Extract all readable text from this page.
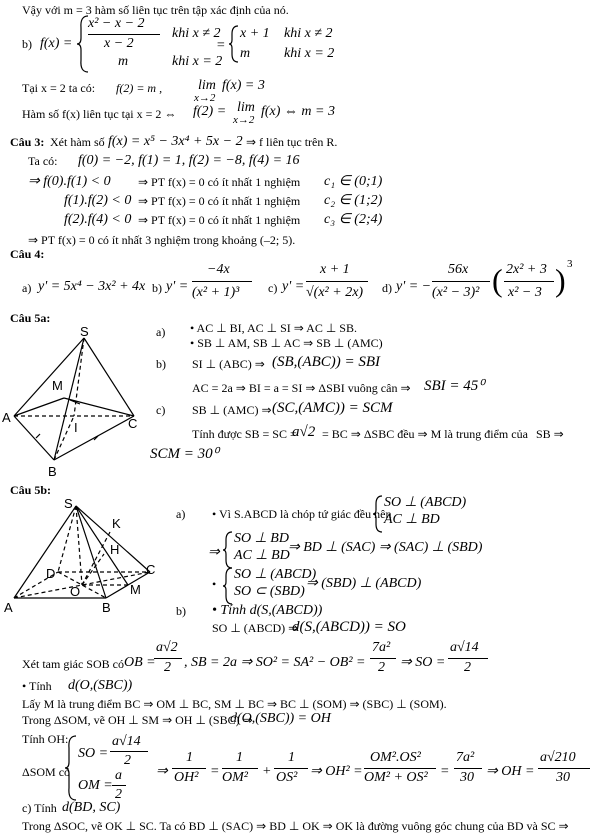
Vậy với m = 3 hàm số liên tục trên tập xác định của nó.
b) f(x) =
x² − x − 2
x − 2
khi x ≠ 2
m	khi x = 2
=
x + 1 khi x ≠ 2
m khi x = 2
Tại x = 2 ta có: f(2) = m ,	lim
x→2
f(x) = 3
Hàm số f(x) liên tục tại x = 2 ⇔ f(2) = lim
x→2
f(x) ⇔ m = 3
Câu 3: Xét hàm số f(x) = x⁵ − 3x⁴ + 5x − 2 ⇒ f liên tục trên R.
Ta có: f(0) = −2, f(1) = 1, f(2) = −8, f(4) = 16
⇒ f(0).f(1) < 0 ⇒ PT f(x) = 0 có ít nhất 1 nghiệm c₁ ∈ (0;1)
f(1).f(2) < 0 ⇒ PT f(x) = 0 có ít nhất 1 nghiệm c₂ ∈ (1;2)
f(2).f(4) < 0 ⇒ PT f(x) = 0 có ít nhất 1 nghiệm c₃ ∈ (2;4)
⇒ PT f(x) = 0 có ít nhất 3 nghiệm trong khoảng (–2; 5).
Câu 4:
a) y' = 5x⁴ − 3x² + 4x b) y' =
−4x
(x² + 1)³ c) y' =
x + 1
√(x² + 2x) d) y' = −
56x
(x² − 3)² ( 2x² + 3
x² − 3 ) 3
Câu 5a:
S
M
A
I	C
B
a) • AC ⊥ BI, AC ⊥ SI ⇒ AC ⊥ SB.
• SB ⊥ AM, SB ⊥ AC ⇒ SB ⊥ (AMC)
b) SI ⊥ (ABC) ⇒ (SB,(ABC)) = SBI
AC = 2a ⇒ BI = a = SI ⇒ ΔSBI vuông cân ⇒ SBI = 45⁰
c) SB ⊥ (AMC) ⇒ (SC,(AMC)) = SCM
Tính được SB = SC =
a√2 = BC ⇒ ΔSBC đều ⇒ M là trung điểm của SB ⇒
SCM = 30⁰
Câu 5b:
S
K
H
D	C
O	M
A	B
a) • Vì S.ABCD là chóp tứ giác đều nên
SO ⊥ (ABCD)
AC ⊥ BD
⇒
SO ⊥ BD
AC ⊥ BD
⇒ BD ⊥ (SAC) ⇒ (SAC) ⊥ (SBD)
•
SO ⊥ (ABCD)
SO ⊂ (SBD)
⇒ (SBD) ⊥ (ABCD)
b) • Tính d(S,(ABCD))
SO ⊥ (ABCD) ⇒
d(S,(ABCD)) = SO
Xét tam giác SOB có OB =
a√2
2 , SB = 2a ⇒ SO² = SA² − OB² =
7a²
2 ⇒ SO =
a√14
2
• Tính d(O,(SBC))
Lấy M là trung điểm BC ⇒ OM ⊥ BC, SM ⊥ BC ⇒ BC ⊥ (SOM) ⇒ (SBC) ⊥ (SOM).
Trong ΔSOM, vẽ OH ⊥ SM ⇒ OH ⊥ (SBC) ⇒
d(O,(SBC)) = OH
Tính OH:
ΔSOM có
SO =
a√14
2
OM =
a
2
⇒
1
OH² =
1
OM² +
1
OS² ⇒ OH² =
OM².OS²
OM² + OS² =
7a²
30 ⇒ OH =
a√210
30
c) Tính d(BD, SC)
Trong ΔSOC, vẽ OK ⊥ SC. Ta có BD ⊥ (SAC) ⇒ BD ⊥ OK ⇒ OK là đường vuông góc chung của BD và SC ⇒
